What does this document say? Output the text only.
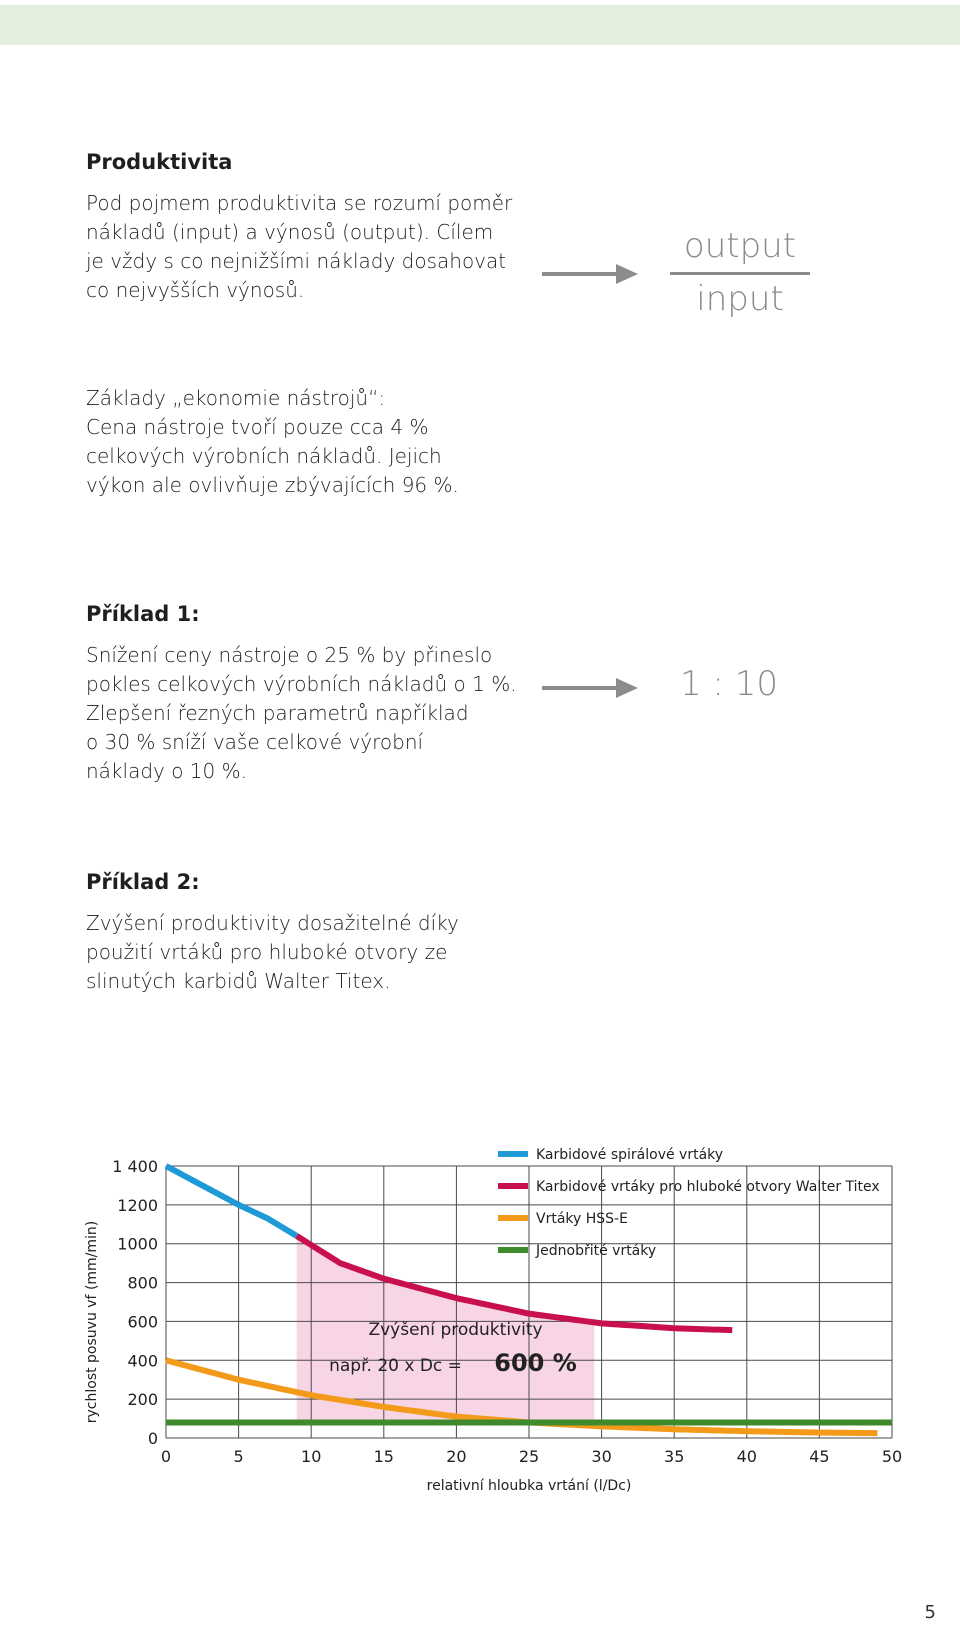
Produktivita

Pod pojmem produktivita se rozumí poměr

nákladů (input) a výnosů (output). Cílem

je vždy s co nejnižšími náklady dosahovat

co nejvyšších výnosů.

output
input

Základy „ekonomie nástrojů“:

Cena nástroje tvoří pouze cca 4 %

celkových výrobních nákladů. Jejich

výkon ale ovlivňuje zbývajících 96 %.

Příklad 1:

Snížení ceny nástroje o 25 % by přineslo

pokles celkových výrobních nákladů o 1 %.

Zlepšení řezných parametrů například

o 30 % sníží vaše celkové výrobní

náklady o 10 %.

1 : 10
Příklad 2:

Zvýšení produktivity dosažitelné díky

použití vrtáků pro hluboké otvory ze

slinutých karbidů Walter Titex.

0	5	10	15	20	25	30	35	40	45	50
0
200
400
600
800
1000
1200
1 400
Karbidové spirálové vrtáky
Karbidové vrtáky pro hluboké otvory Walter Titex
Vrtáky HSS-E
Jednobřité vrtáky
Zvýšení produktivity
např. 20 x Dc = 600 %
relativní hloubka vrtání (l/Dc)
rychlost posuvu vf (mm/min)
5
